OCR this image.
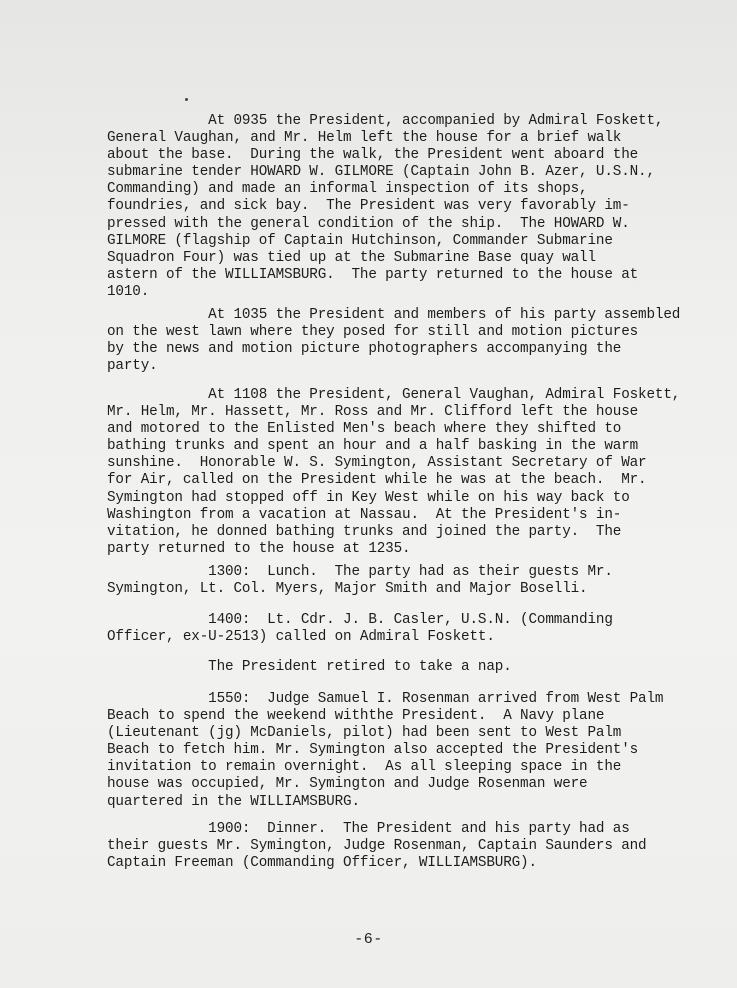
At 0935 the President, accompanied by Admiral Foskett,
General Vaughan, and Mr. Helm left the house for a brief walk
about the base.  During the walk, the President went aboard the
submarine tender HOWARD W. GILMORE (Captain John B. Azer, U.S.N.,
Commanding) and made an informal inspection of its shops,
foundries, and sick bay.  The President was very favorably im-
pressed with the general condition of the ship.  The HOWARD W.
GILMORE (flagship of Captain Hutchinson, Commander Submarine
Squadron Four) was tied up at the Submarine Base quay wall
astern of the WILLIAMSBURG.  The party returned to the house at
1010.

At 1035 the President and members of his party assembled
on the west lawn where they posed for still and motion pictures
by the news and motion picture photographers accompanying the
party.

At 1108 the President, General Vaughan, Admiral Foskett,
Mr. Helm, Mr. Hassett, Mr. Ross and Mr. Clifford left the house
and motored to the Enlisted Men's beach where they shifted to
bathing trunks and spent an hour and a half basking in the warm
sunshine.  Honorable W. S. Symington, Assistant Secretary of War
for Air, called on the President while he was at the beach.  Mr.
Symington had stopped off in Key West while on his way back to
Washington from a vacation at Nassau.  At the President's in-
vitation, he donned bathing trunks and joined the party.  The
party returned to the house at 1235.

1300:  Lunch.  The party had as their guests Mr.
Symington, Lt. Col. Myers, Major Smith and Major Boselli.

1400:  Lt. Cdr. J. B. Casler, U.S.N. (Commanding
Officer, ex-U-2513) called on Admiral Foskett.

The President retired to take a nap.

1550:  Judge Samuel I. Rosenman arrived from West Palm
Beach to spend the weekend withthe President.  A Navy plane
(Lieutenant (jg) McDaniels, pilot) had been sent to West Palm
Beach to fetch him. Mr. Symington also accepted the President's
invitation to remain overnight.  As all sleeping space in the
house was occupied, Mr. Symington and Judge Rosenman were
quartered in the WILLIAMSBURG.

1900:  Dinner.  The President and his party had as
their guests Mr. Symington, Judge Rosenman, Captain Saunders and
Captain Freeman (Commanding Officer, WILLIAMSBURG).

-6-
